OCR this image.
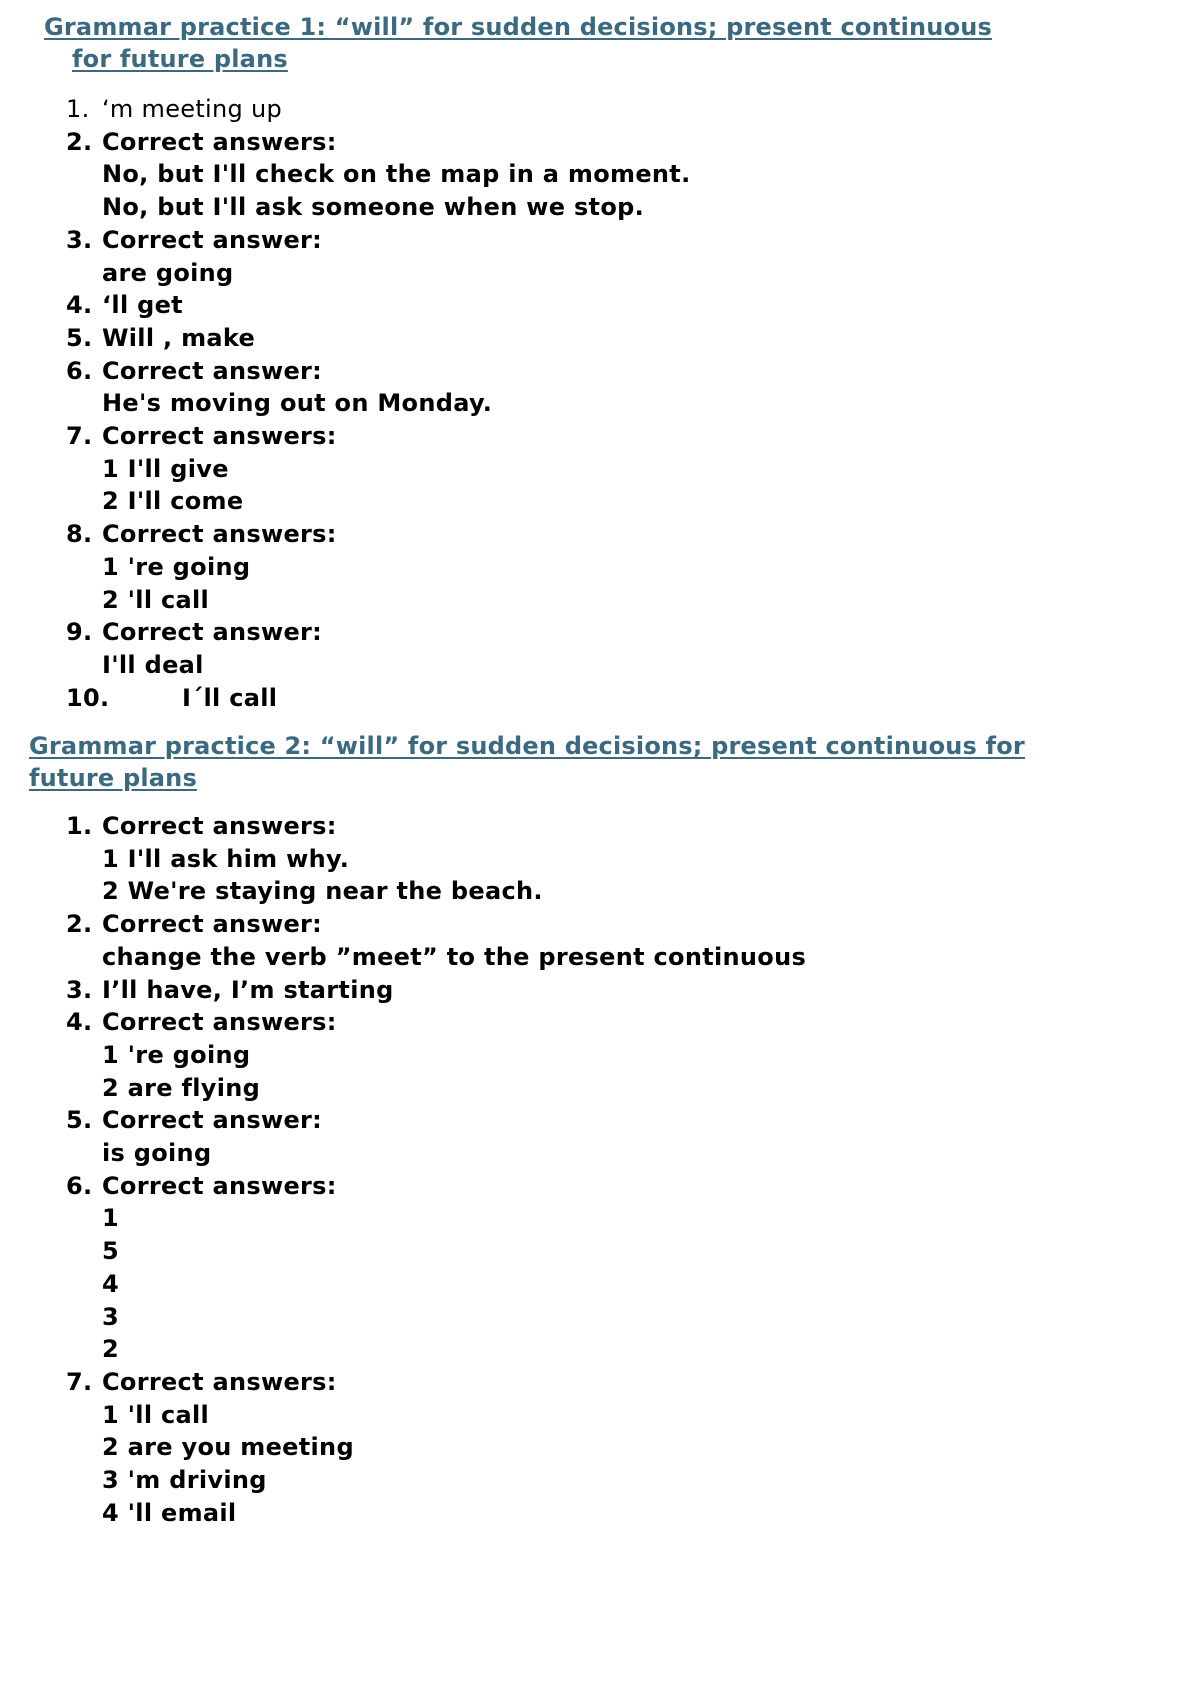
Grammar practice 1: “will” for sudden decisions; present continuous
for future plans
1. ‘m meeting up
2. Correct answers:
No, but I'll check on the map in a moment.
No, but I'll ask someone when we stop.
3. Correct answer:
are going
4. ‘ll get
5. Will , make
6. Correct answer:
He's moving out on Monday.
7. Correct answers:
1 I'll give
2 I'll come
8. Correct answers:
1 're going
2 'll call
9. Correct answer:
I'll deal
10.	I´ll call
Grammar practice 2: “will” for sudden decisions; present continuous for
future plans
1. Correct answers:
1 I'll ask him why.
2 We're staying near the beach.
2. Correct answer:
change the verb ”meet” to the present continuous
3. I’ll have, I’m starting
4. Correct answers:
1 're going
2 are flying
5. Correct answer:
is going
6. Correct answers:
1
5
4
3
2
7. Correct answers:
1 'll call
2 are you meeting
3 'm driving
4 'll email
